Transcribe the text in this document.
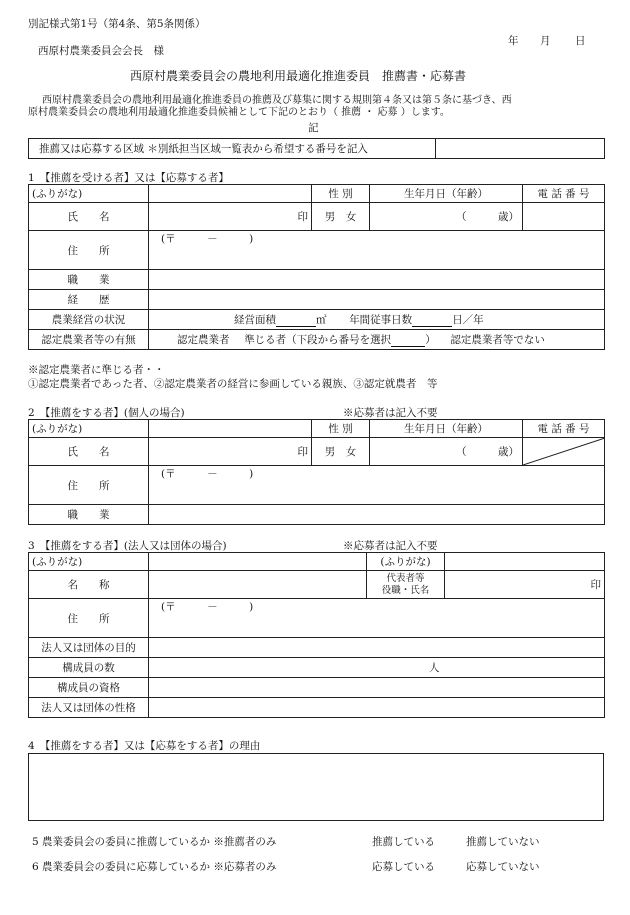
別記様式第1号（第4条、第5条関係）
年 月 日
西原村農業委員会会長　様
西原村農業委員会の農地利用最適化推進委員　推薦書・応募書
西原村農業委員会の農地利用最適化推進委員の推薦及び募集に関する規則第４条又は第５条に基づき、西
原村農業委員会の農地利用最適化推進委員候補として下記のとおり（ 推薦 ・ 応募 ）します。
記
推薦又は応募する区域 ＊別紙担当区域一覧表から希望する番号を記入	
1　【推薦を受ける者】又は【応募する者】
(ふりがな)		性 別	生年月日（年齢）	電 話 番 号
氏　　名	印	男　女	（　　　歳）	
住　　所	(〒　　　－　　　)			
職　　業				
経　　歴				
農業経営の状況	経営面積 ㎡ 年間従事日数 日／年			
認定農業者等の有無	認定農業者 準じる者（下段から番号を選択 ） 認定農業者等でない			
※認定農業者に準じる者・・
①認定農業者であった者、②認定農業者の経営に参画している親族、③認定就農者　等
2　【推薦をする者】(個人の場合)	※応募者は記入不要
(ふりがな)		性 別	生年月日（年齢）	電 話 番 号
氏　　名	印	男　女	（　　　歳）	

住　　所	(〒　　　－　　　)			
職　　業				
3　【推薦をする者】(法人又は団体の場合)	※応募者は記入不要
(ふりがな)		(ふりがな)	
名　　称		代表者等
役職・氏名	印
住　　所	(〒　　　－　　　)		
法人又は団体の目的			
構成員の数	人		
構成員の資格			
法人又は団体の性格			
4　【推薦をする者】又は【応募をする者】の理由
5 農業委員会の委員に推薦しているか ※推薦者のみ	推薦している	推薦していない
6 農業委員会の委員に応募しているか ※応募者のみ	応募している	応募していない
